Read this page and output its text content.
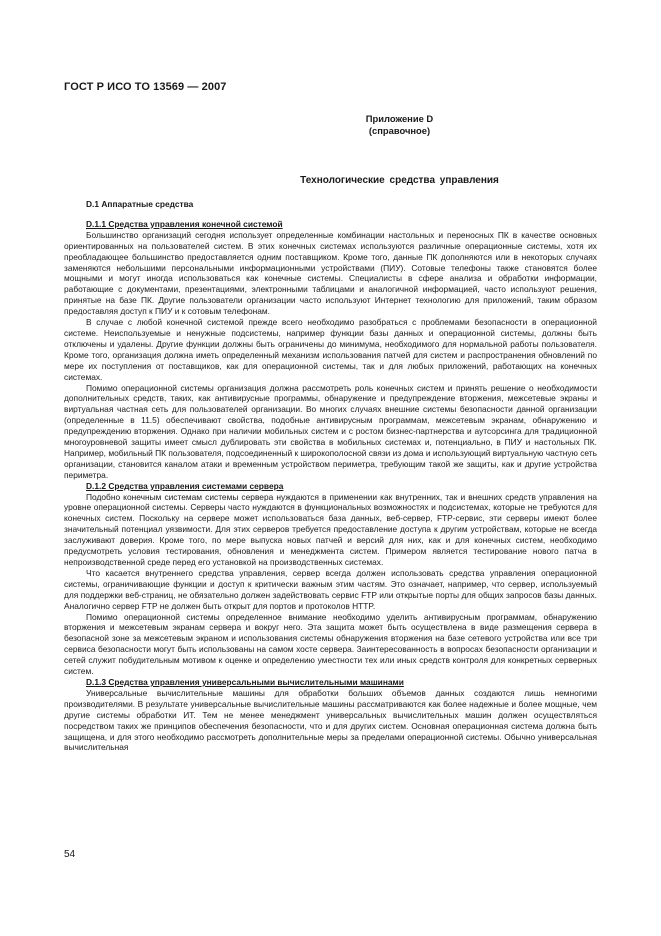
ГОСТ Р ИСО ТО 13569 — 2007
Приложение D
(справочное)
Технологические средства управления
D.1 Аппаратные средства
D.1.1 Средства управления конечной системой

Большинство организаций сегодня использует определенные комбинации настольных и переносных ПК в качестве основных ориентированных на пользователей систем. В этих конечных системах используются различные операционные системы, хотя их преобладающее большинство предоставляется одним поставщиком. Кроме того, данные ПК дополняются или в некоторых случаях заменяются небольшими персональными информационными устройствами (ПИУ). Сотовые телефоны также становятся более мощными и могут иногда использоваться как конечные системы. Специалисты в сфере анализа и обработки информации, работающие с документами, презентациями, электронными таблицами и аналогичной информацией, часто используют решения, принятые на базе ПК. Другие пользователи организации часто используют Интернет технологию для приложений, таким образом предоставляя доступ к ПИУ и к сотовым телефонам.

В случае с любой конечной системой прежде всего необходимо разобраться с проблемами безопасности в операционной системе. Неиспользуемые и ненужные подсистемы, например функции базы данных и операционной системы, должны быть отключены и удалены. Другие функции должны быть ограничены до минимума, необходимого для нормальной работы пользователя. Кроме того, организация должна иметь определенный механизм использования патчей для систем и распространения обновлений по мере их поступления от поставщиков, как для операционной системы, так и для любых приложений, работающих на конечных системах.

Помимо операционной системы организация должна рассмотреть роль конечных систем и принять решение о необходимости дополнительных средств, таких, как антивирусные программы, обнаружение и предупреждение вторжения, межсетевые экраны и виртуальная частная сеть для пользователей организации. Во многих случаях внешние системы безопасности данной организации (определенные в 11.5) обеспечивают свойства, подобные антивирусным программам, межсетевым экранам, обнаружению и предупреждению вторжения. Однако при наличии мобильных систем и с ростом бизнес-партнерства и аутсорсинга для традиционной многоуровневой защиты имеет смысл дублировать эти свойства в мобильных системах и, потенциально, в ПИУ и настольных ПК. Например, мобильный ПК пользователя, подсоединенный к широкополосной связи из дома и использующий виртуальную частную сеть организации, становится каналом атаки и временным устройством периметра, требующим такой же защиты, как и другие устройства периметра.

D.1.2 Средства управления системами сервера

Подобно конечным системам системы сервера нуждаются в применении как внутренних, так и внешних средств управления на уровне операционной системы. Серверы часто нуждаются в функциональных возможностях и подсистемах, которые не требуются для конечных систем. Поскольку на сервере может использоваться база данных, веб-сервер, FTP-сервис, эти серверы имеют более значительный потенциал уязвимости. Для этих серверов требуется предоставление доступа к другим устройствам, которые не всегда заслуживают доверия. Кроме того, по мере выпуска новых патчей и версий для них, как и для конечных систем, необходимо предусмотреть условия тестирования, обновления и менеджмента систем. Примером является тестирование нового патча в непроизводственной среде перед его установкой на производственных системах.

Что касается внутреннего средства управления, сервер всегда должен использовать средства управления операционной системы, ограничивающие функции и доступ к критически важным этим частям. Это означает, например, что сервер, используемый для поддержки веб-страниц, не обязательно должен задействовать сервис FTP или открытые порты для общих запросов базы данных. Аналогично сервер FTP не должен быть открыт для портов и протоколов HTTP.

Помимо операционной системы определенное внимание необходимо уделить антивирусным программам, обнаружению вторжения и межсетевым экранам сервера и вокруг него. Эта защита может быть осуществлена в виде размещения сервера в безопасной зоне за межсетевым экраном и использования системы обнаружения вторжения на базе сетевого устройства или все три сервиса безопасности могут быть использованы на самом хосте сервера. Заинтересованность в вопросах безопасности организации и сетей служит побудительным мотивом к оценке и определению уместности тех или иных средств контроля для конкретных серверных систем.

D.1.3 Средства управления универсальными вычислительными машинами

Универсальные вычислительные машины для обработки больших объемов данных создаются лишь немногими производителями. В результате универсальные вычислительные машины рассматриваются как более надежные и более мощные, чем другие системы обработки ИТ. Тем не менее менеджмент универсальных вычислительных машин должен осуществляться посредством таких же принципов обеспечения безопасности, что и для других систем. Основная операционная система должна быть защищена, и для этого необходимо рассмотреть дополнительные меры за пределами операционной системы. Обычно универсальная вычислительная

54
